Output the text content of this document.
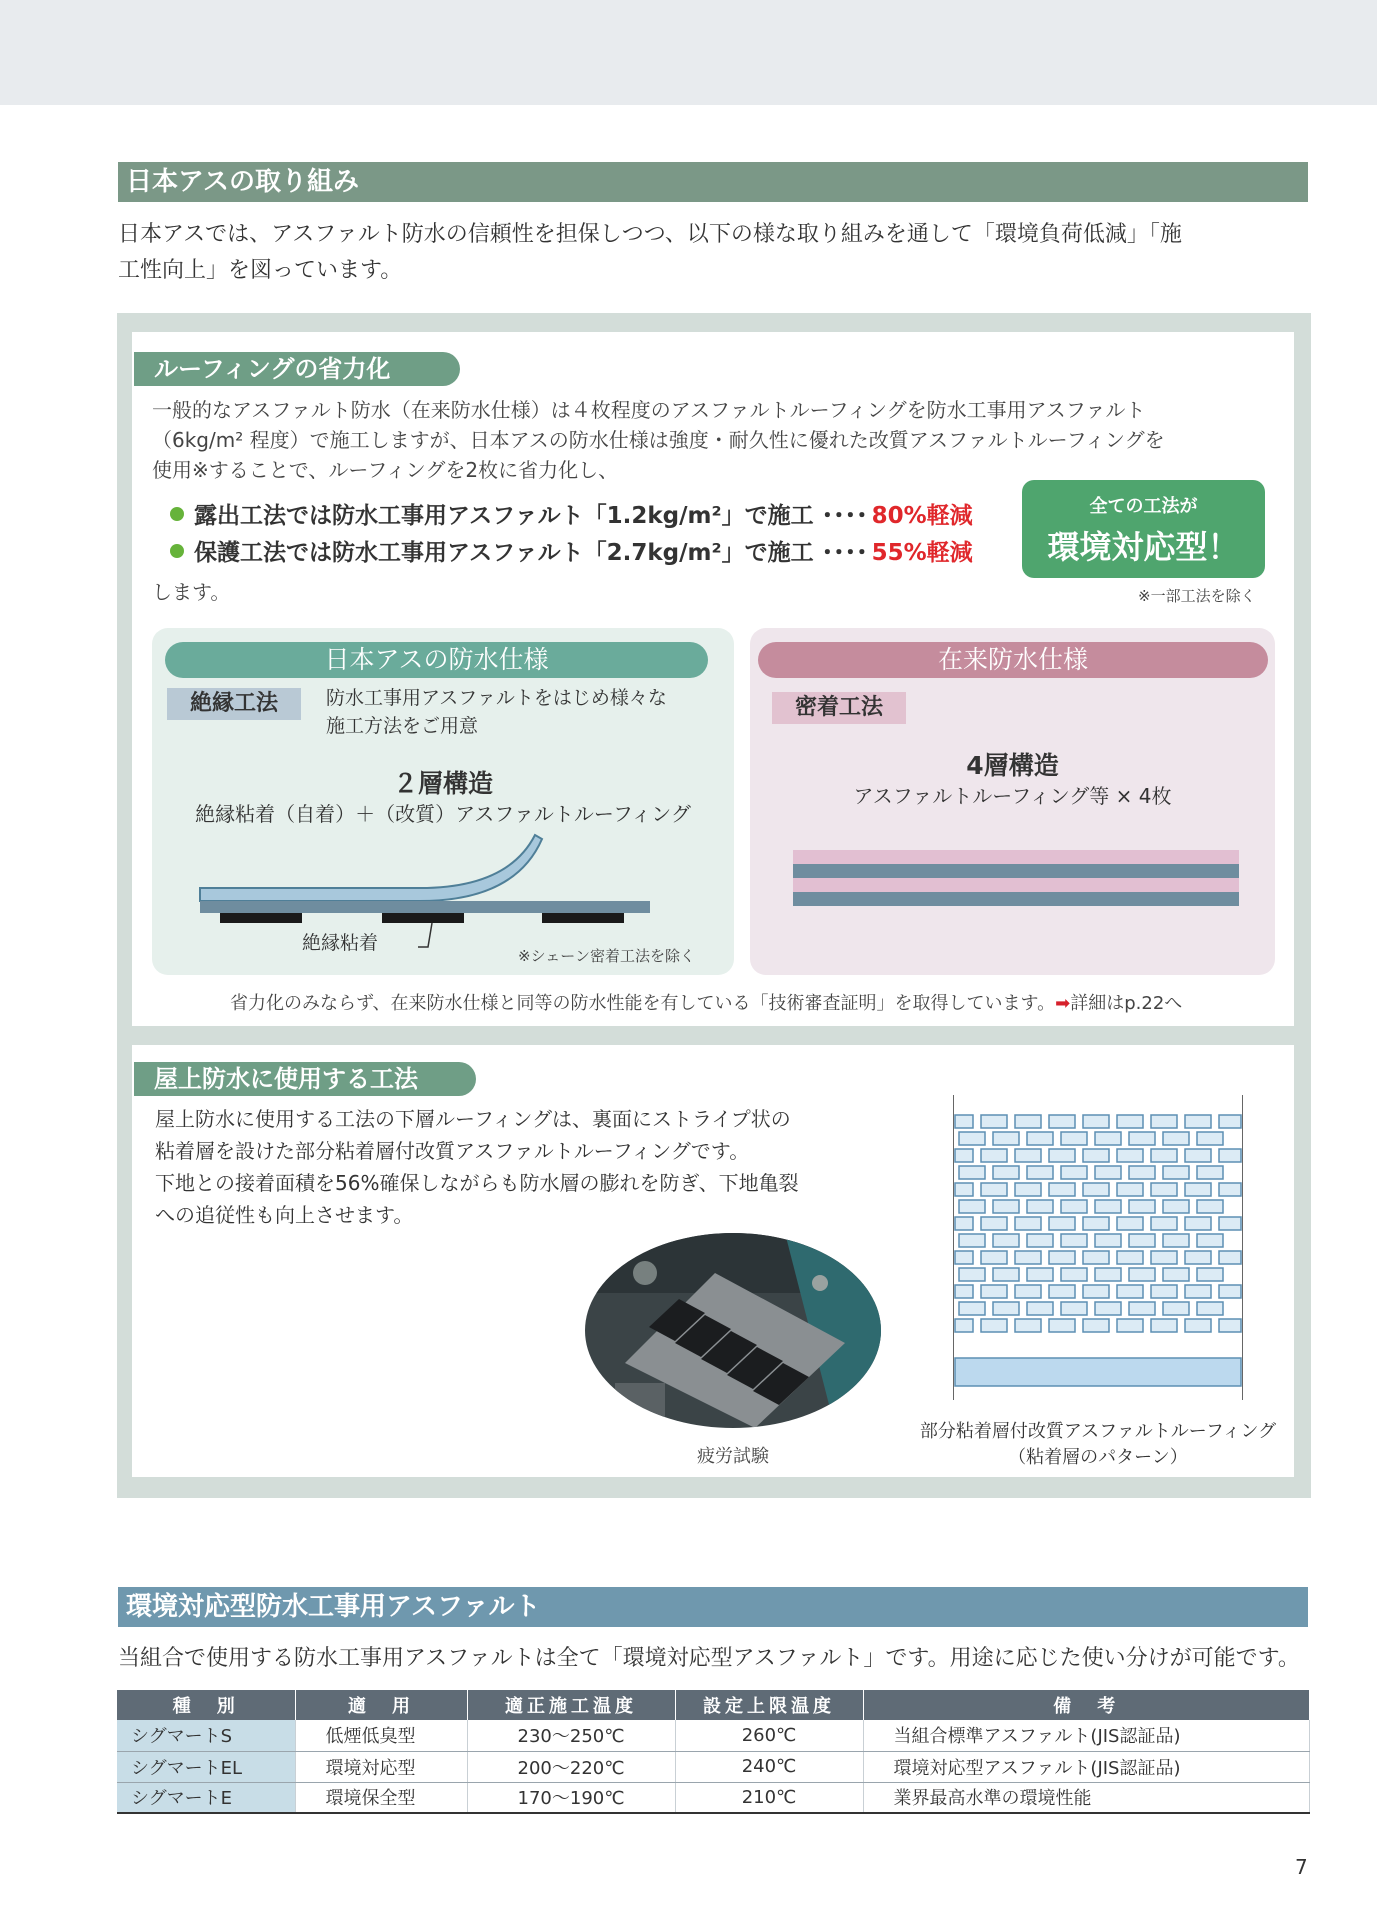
日本アスの取り組み
日本アスでは、アスファルト防水の信頼性を担保しつつ、以下の様な取り組みを通して「環境負荷低減」「施
工性向上」を図っています。
ルーフィングの省力化
一般的なアスファルト防水（在来防水仕様）は４枚程度のアスファルトルーフィングを防水工事用アスファルト
（6kg/m² 程度）で施工しますが、日本アスの防水仕様は強度・耐久性に優れた改質アスファルトルーフィングを
使用※することで、ルーフィングを2枚に省力化し、
露出工法では防水工事用アスファルト「1.2kg/m²」で施工 ････ 80%軽減
保護工法では防水工事用アスファルト「2.7kg/m²」で施工 ････ 55%軽減
します。
全ての工法が
環境対応型！
※一部工法を除く
日本アスの防水仕様
絶縁工法	防水工事用アスファルトをはじめ様々な
施工方法をご用意
２層構造
絶縁粘着（自着）＋（改質）アスファルトルーフィング
絶縁粘着
※シェーン密着工法を除く
在来防水仕様
密着工法
4層構造
アスファルトルーフィング等 × 4枚
省力化のみならず、在来防水仕様と同等の防水性能を有している「技術審査証明」を取得しています。➡詳細はp.22へ
屋上防水に使用する工法
屋上防水に使用する工法の下層ルーフィングは、裏面にストライプ状の
粘着層を設けた部分粘着層付改質アスファルトルーフィングです。
下地との接着面積を56%確保しながらも防水層の膨れを防ぎ、下地亀裂
への追従性も向上させます。
疲労試験
部分粘着層付改質アスファルトルーフィング
（粘着層のパターン）
環境対応型防水工事用アスファルト
当組合で使用する防水工事用アスファルトは全て「環境対応型アスファルト」です。用途に応じた使い分けが可能です。
種　別	適　用	適正施工温度	設定上限温度	備　考
シグマートS	低煙低臭型	230〜250℃	260℃	当組合標準アスファルト(JIS認証品)
シグマートEL	環境対応型	200〜220℃	240℃	環境対応型アスファルト(JIS認証品)
シグマートE	環境保全型	170〜190℃	210℃	業界最高水準の環境性能
7
